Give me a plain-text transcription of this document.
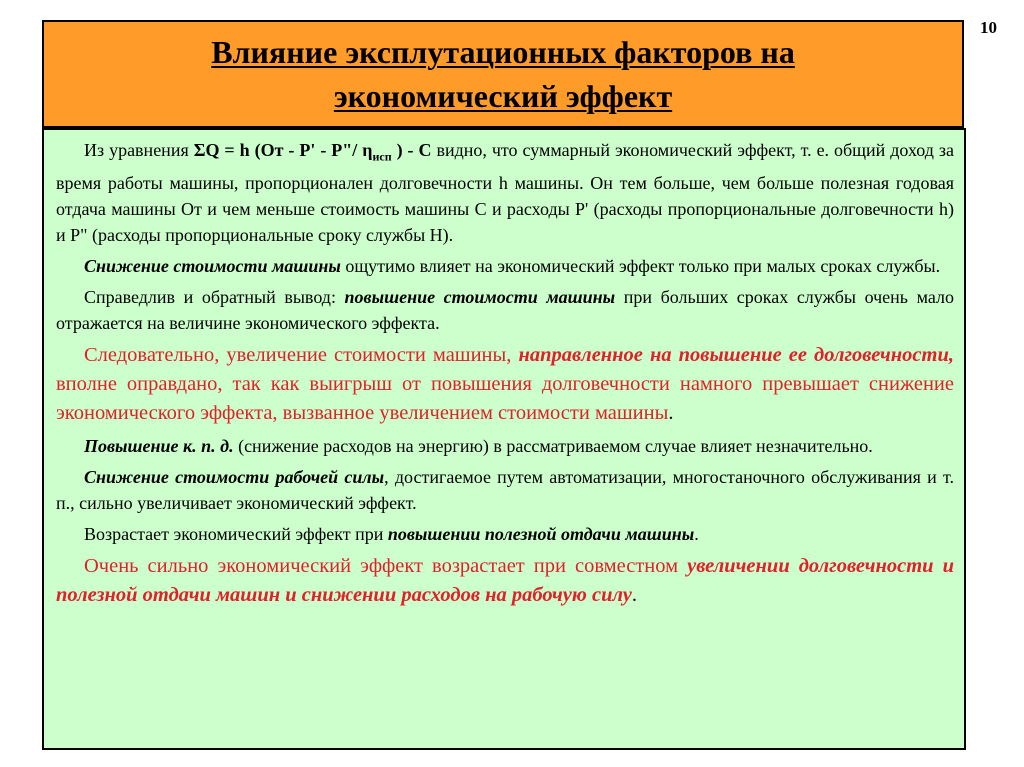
10
Влияние эксплутационных факторов на
экономический эффект

Из уравнения ΣQ = h (От - Р' - Р"/ $\eta_{исп}$ ) - С видно, что суммарный экономический эффект, т. е. общий доход за время работы машины, пропорционален долговечности h машины. Он тем больше, чем больше полезная годовая отдача машины От и чем меньше стоимость машины С и расходы Р' (расходы пропорциональные долговечности h) и Р" (расходы пропорциональные сроку службы Н).

Снижение стоимости машины ощутимо влияет на экономический эффект только при малых сроках службы.

Справедлив и обратный вывод: повышение стоимости машины при больших сроках службы очень мало отражается на величине экономического эффекта.

Следовательно, увеличение стоимости машины, направленное на повышение ее долговечности, вполне оправдано, так как выигрыш от повышения долговечности намного превышает снижение экономического эффекта, вызванное увеличением стоимости машины.

Повышение к. п. д. (снижение расходов на энергию) в рассматриваемом случае влияет незначительно.

Снижение стоимости рабочей силы, достигаемое путем автоматизации, многостаночного обслуживания и т. п., сильно увеличивает экономический эффект.

Возрастает экономический эффект при повышении полезной отдачи машины.

Очень сильно экономический эффект возрастает при совместном увеличении долговечности и полезной отдачи машин и снижении расходов на рабочую силу.
